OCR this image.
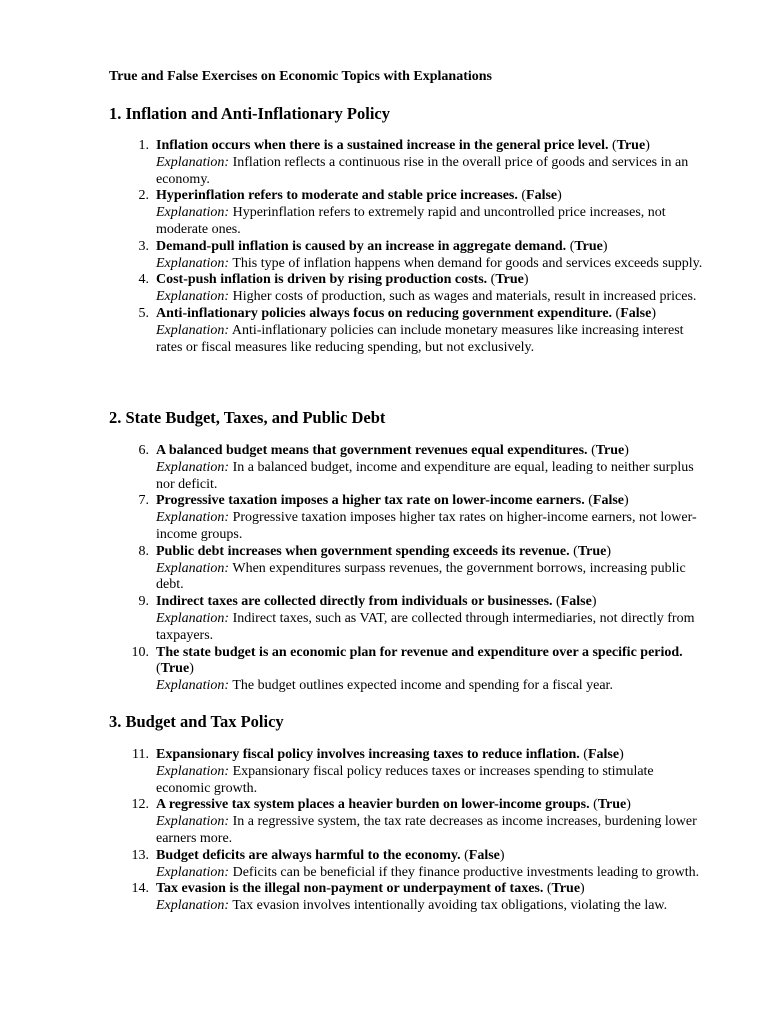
True and False Exercises on Economic Topics with Explanations
1. Inflation and Anti-Inflationary Policy
1. Inflation occurs when there is a sustained increase in the general price level. (True)
Explanation: Inflation reflects a continuous rise in the overall price of goods and services in an economy.
2. Hyperinflation refers to moderate and stable price increases. (False)
Explanation: Hyperinflation refers to extremely rapid and uncontrolled price increases, not moderate ones.
3. Demand-pull inflation is caused by an increase in aggregate demand. (True)
Explanation: This type of inflation happens when demand for goods and services exceeds supply.
4. Cost-push inflation is driven by rising production costs. (True)
Explanation: Higher costs of production, such as wages and materials, result in increased prices.
5. Anti-inflationary policies always focus on reducing government expenditure. (False)
Explanation: Anti-inflationary policies can include monetary measures like increasing interest rates or fiscal measures like reducing spending, but not exclusively.
2. State Budget, Taxes, and Public Debt
6. A balanced budget means that government revenues equal expenditures. (True)
Explanation: In a balanced budget, income and expenditure are equal, leading to neither surplus nor deficit.
7. Progressive taxation imposes a higher tax rate on lower-income earners. (False)
Explanation: Progressive taxation imposes higher tax rates on higher-income earners, not lower-income groups.
8. Public debt increases when government spending exceeds its revenue. (True)
Explanation: When expenditures surpass revenues, the government borrows, increasing public debt.
9. Indirect taxes are collected directly from individuals or businesses. (False)
Explanation: Indirect taxes, such as VAT, are collected through intermediaries, not directly from taxpayers.
10. The state budget is an economic plan for revenue and expenditure over a specific period. (True)
Explanation: The budget outlines expected income and spending for a fiscal year.
3. Budget and Tax Policy
11. Expansionary fiscal policy involves increasing taxes to reduce inflation. (False)
Explanation: Expansionary fiscal policy reduces taxes or increases spending to stimulate economic growth.
12. A regressive tax system places a heavier burden on lower-income groups. (True)
Explanation: In a regressive system, the tax rate decreases as income increases, burdening lower earners more.
13. Budget deficits are always harmful to the economy. (False)
Explanation: Deficits can be beneficial if they finance productive investments leading to growth.
14. Tax evasion is the illegal non-payment or underpayment of taxes. (True)
Explanation: Tax evasion involves intentionally avoiding tax obligations, violating the law.
